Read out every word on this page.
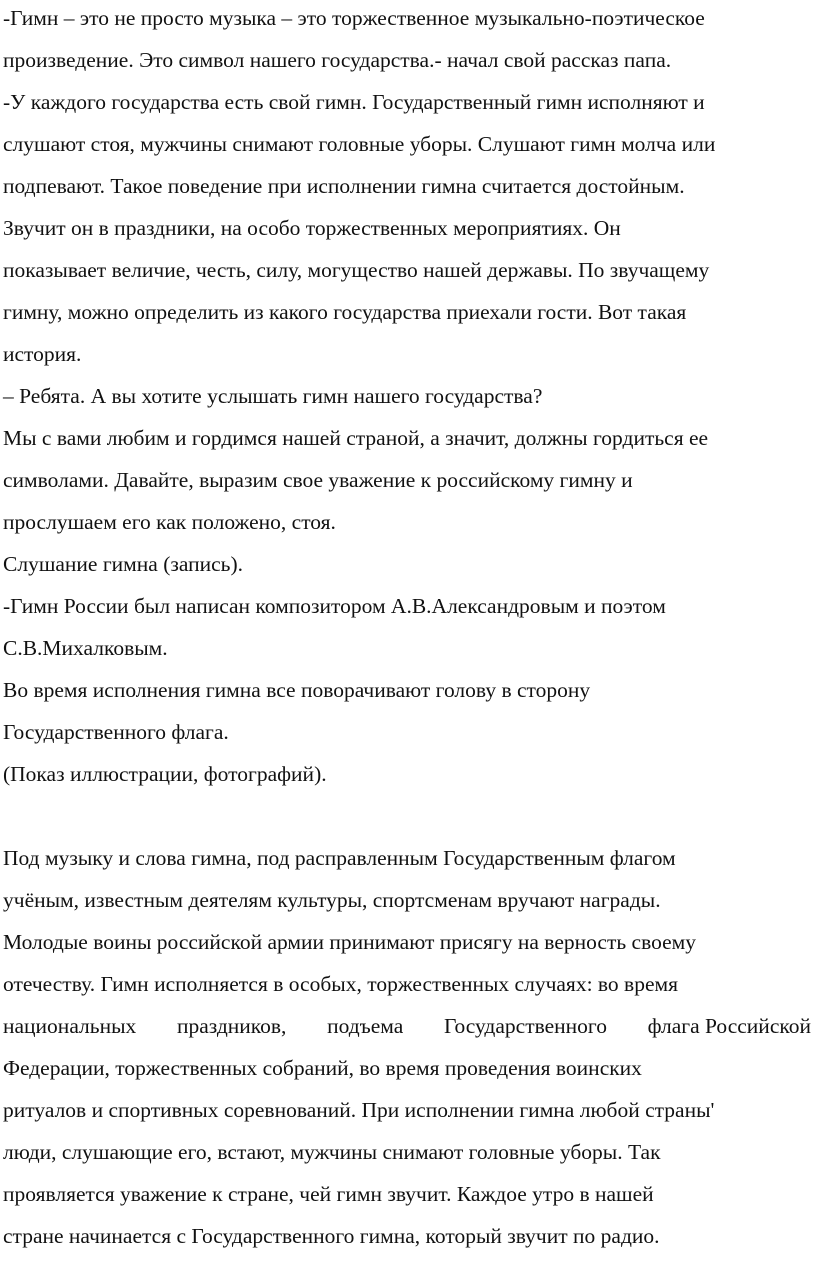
-Гимн – это не просто музыка – это торжественное музыкально-поэтическое
произведение. Это символ нашего государства.- начал свой рассказ папа.
-У каждого государства есть свой гимн. Государственный гимн исполняют и
слушают стоя, мужчины снимают головные уборы. Слушают гимн молча или
подпевают. Такое поведение при исполнении гимна считается достойным.
Звучит он в праздники, на особо торжественных мероприятиях. Он
показывает величие, честь, силу, могущество нашей державы. По звучащему
гимну, можно определить из какого государства приехали гости. Вот такая
история.
– Ребята. А вы хотите услышать гимн нашего государства?
Мы с вами любим и гордимся нашей страной, а значит, должны гордиться ее
символами. Давайте, выразим свое уважение к российскому гимну и
прослушаем его как положено, стоя.
Слушание гимна (запись).
-Гимн России был написан композитором А.В.Александровым и поэтом
С.В.Михалковым.
Во время исполнения гимна все поворачивают голову в сторону
Государственного флага.
(Показ иллюстрации, фотографий).
Под музыку и слова гимна, под расправленным Государственным флагом
учёным, известным деятелям культуры, спортсменам вручают награды.
Молодые воины российской армии принимают присягу на верность своему
отечеству. Гимн исполняется в особых, торжественных случаях: во время
национальных праздников, подъема Государственного флага Российской
Федерации, торжественных собраний, во время проведения воинских
ритуалов и спортивных соревнований. При исполнении гимна любой страны'
люди, слушающие его, встают, мужчины снимают головные уборы. Так
проявляется уважение к стране, чей гимн звучит. Каждое утро в нашей
стране начинается с Государственного гимна, который звучит по радио.
